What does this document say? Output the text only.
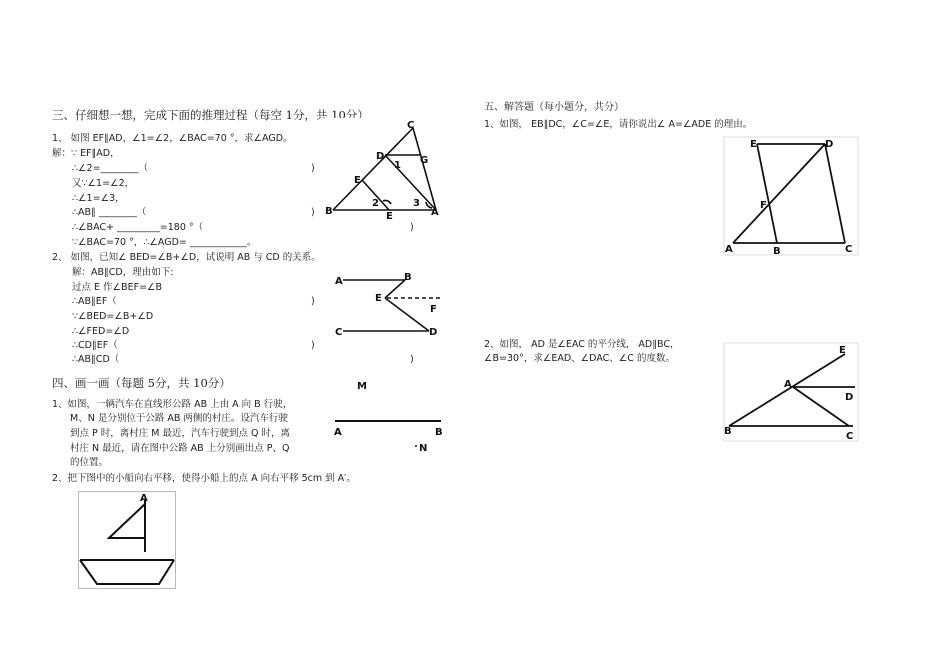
三、仔细想一想，完成下面的推理过程（每空 1分，共 10分）
1、 如图 EF∥AD，∠1=∠2，∠BAC=70 °，求∠AGD。
解：∵ EF∥AD，
∴∠2=________（	)
又∵∠1=∠2，
∴∠1=∠3，
∴AB∥ ________（	)
∴∠BAC+ _________=180 °（	)
∵∠BAC=70 °，∴∠AGD= ____________。
2、 如图，已知∠ BED=∠B+∠D，试说明 AB 与 CD 的关系。
解：AB∥CD，理由如下:
过点 E 作∠BEF=∠B
∴AB∥EF（	)
∵∠BED=∠B+∠D
∴∠FED=∠D
∴CD∥EF（	)
∴AB∥CD（	)
四、画一画（每题 5分，共 10分）
1、如图，一辆汽车在直线形公路 AB 上由 A 向 B 行驶，
M、N 是分别位于公路 AB 两侧的村庄。设汽车行驶
到点 P 时，离村庄 M 最近，汽车行驶到点 Q 时，离
村庄 N 最近，请在图中公路 AB 上分别画出点 P、Q
的位置。
2、把下图中的小船向右平移，使得小船上的点 A 向右平移 5cm 到 A′。
五、解答题（每小题分，共分）
1、如图， EB∥DC，∠C=∠E，请你说出∠ A=∠ADE 的理由。
2、如图， AD 是∠EAC 的平分线， AD∥BC，
∠B=30°，求∠EAD、∠DAC、∠C 的度数。
C
D	G
1
E
B
2
E
3
A
A	B
E
F
C	D
M
A	B
N
A
E	D
F
A	B	C
E
A
D
B	C
